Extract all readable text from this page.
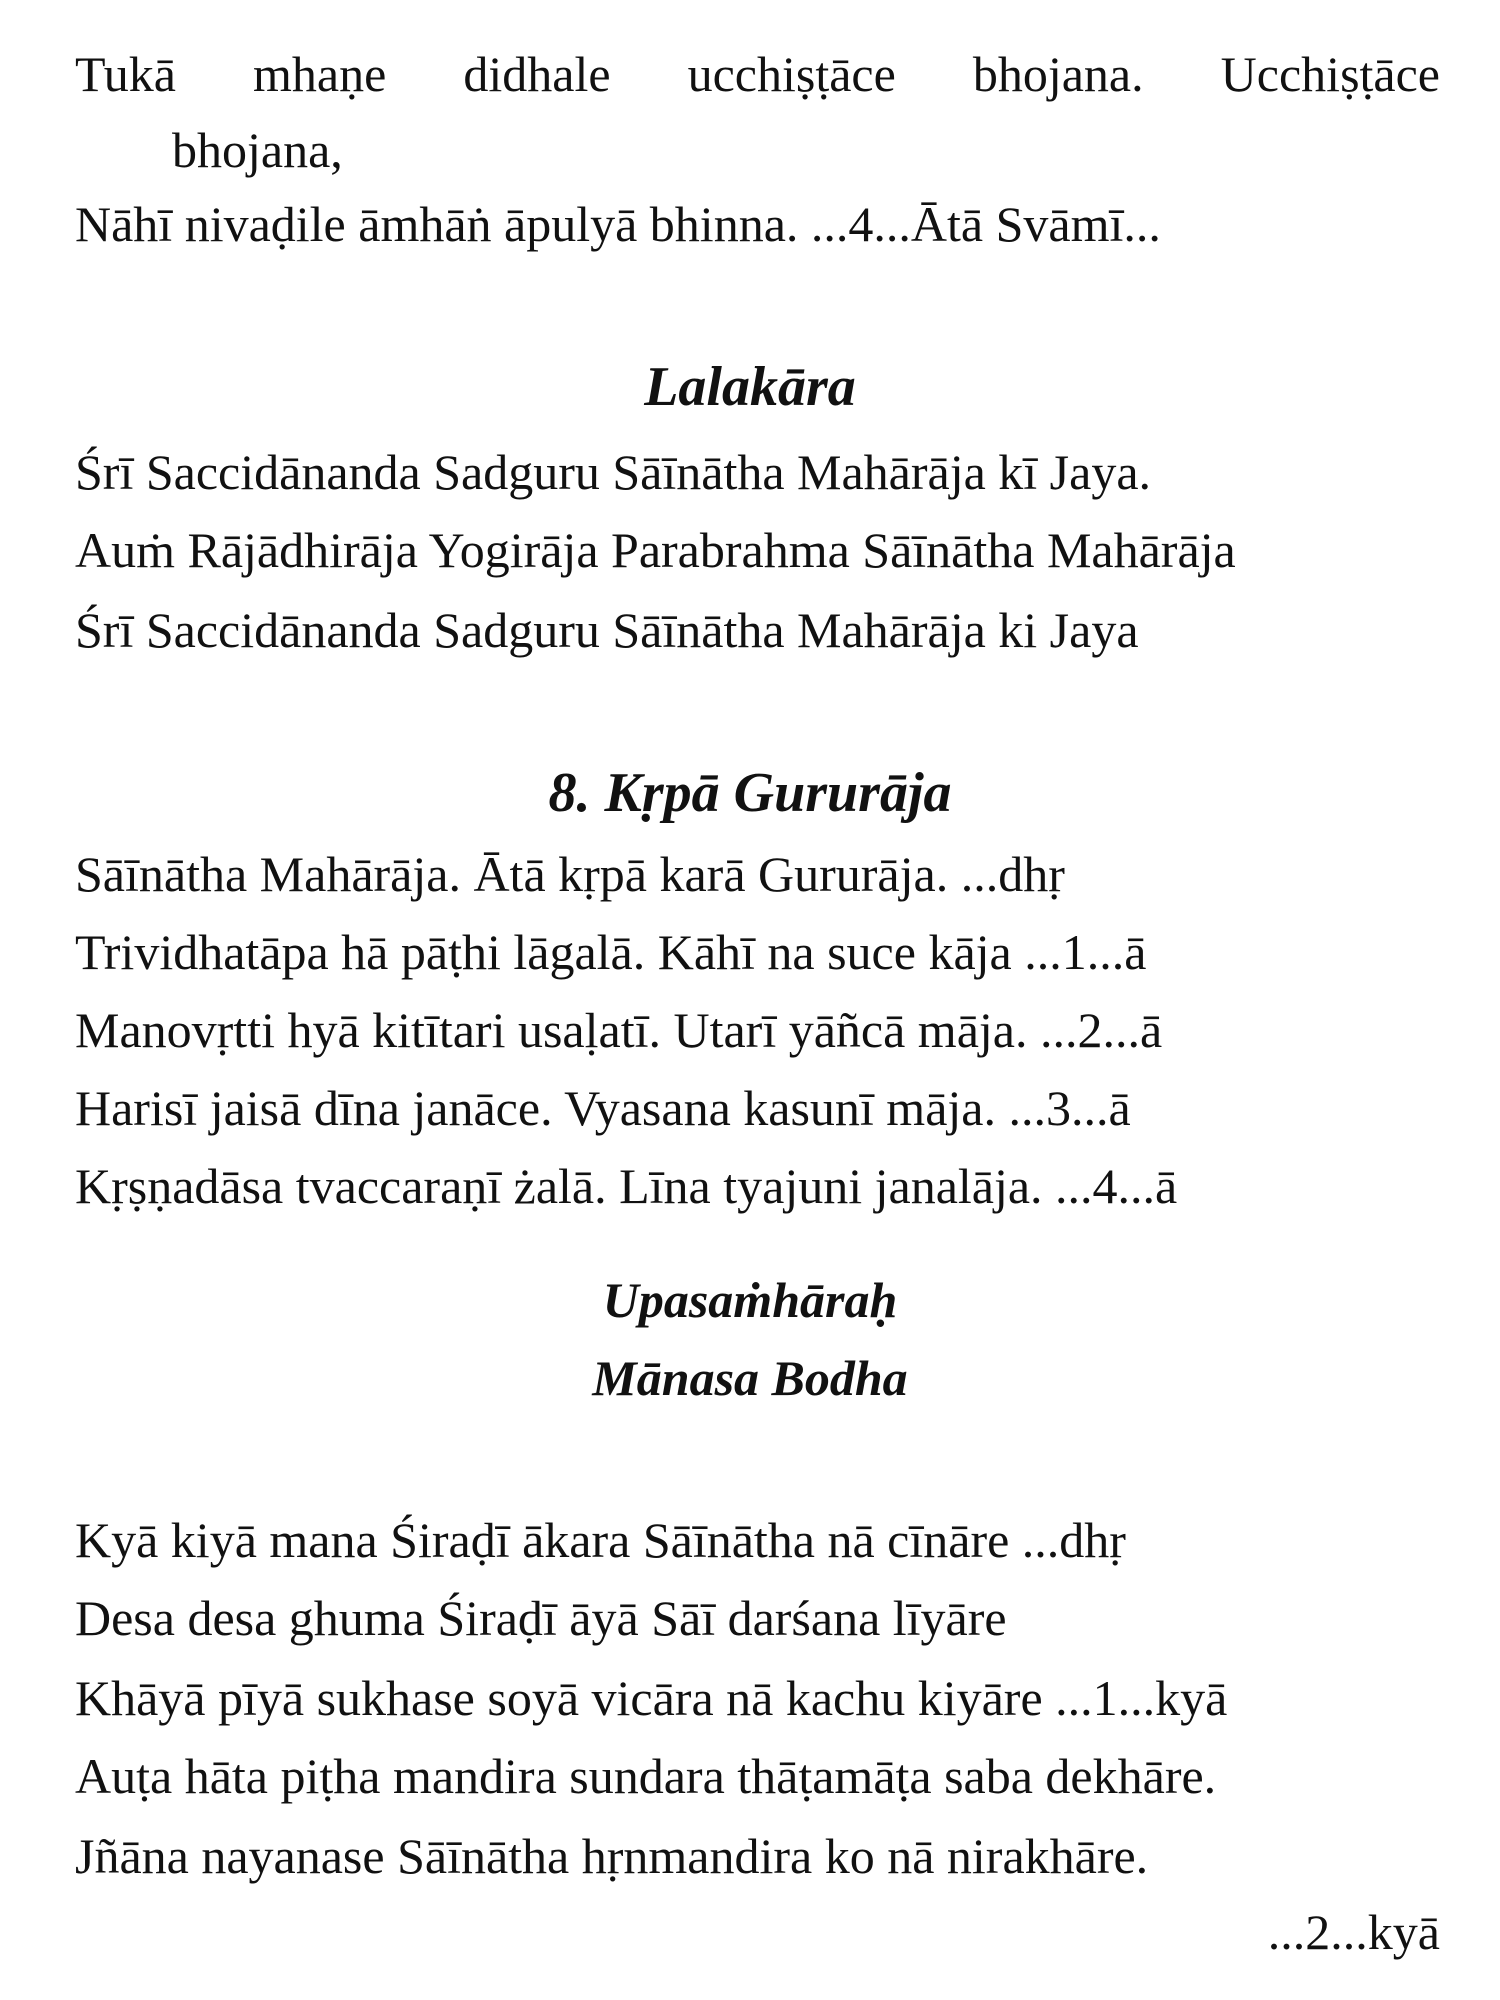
Tukā mhaṇe didhale ucchiṣṭāce bhojana. Ucchiṣṭāce
bhojana,
Nāhī nivaḍile āmhāṅ āpulyā bhinna. ...4...Ātā Svāmī...
Lalakāra
Śrī Saccidānanda Sadguru Sāīnātha Mahārāja kī Jaya.
Auṁ Rājādhirāja Yogirāja Parabrahma Sāīnātha Mahārāja
Śrī Saccidānanda Sadguru Sāīnātha Mahārāja ki Jaya
8. Kṛpā Gururāja
Sāīnātha Mahārāja. Ātā kṛpā karā Gururāja. ...dhṛ
Trividhatāpa hā pāṭhi lāgalā. Kāhī na suce kāja ...1...ā
Manovṛtti hyā kitītari usaḷatī. Utarī yāñcā māja. ...2...ā
Harisī jaisā dīna janāce. Vyasana kasunī māja. ...3...ā
Kṛṣṇadāsa tvaccaraṇī żalā. Līna tyajuni janalāja. ...4...ā
Upasaṁhāraḥ
Mānasa Bodha
Kyā kiyā mana Śiraḍī ākara Sāīnātha nā cīnāre ...dhṛ
Desa desa ghuma Śiraḍī āyā Sāī darśana līyāre
Khāyā pīyā sukhase soyā vicāra nā kachu kiyāre ...1...kyā
Auṭa hāta piṭha mandira sundara thāṭamāṭa saba dekhāre.
Jñāna nayanase Sāīnātha hṛnmandira ko nā nirakhāre.
...2...kyā
